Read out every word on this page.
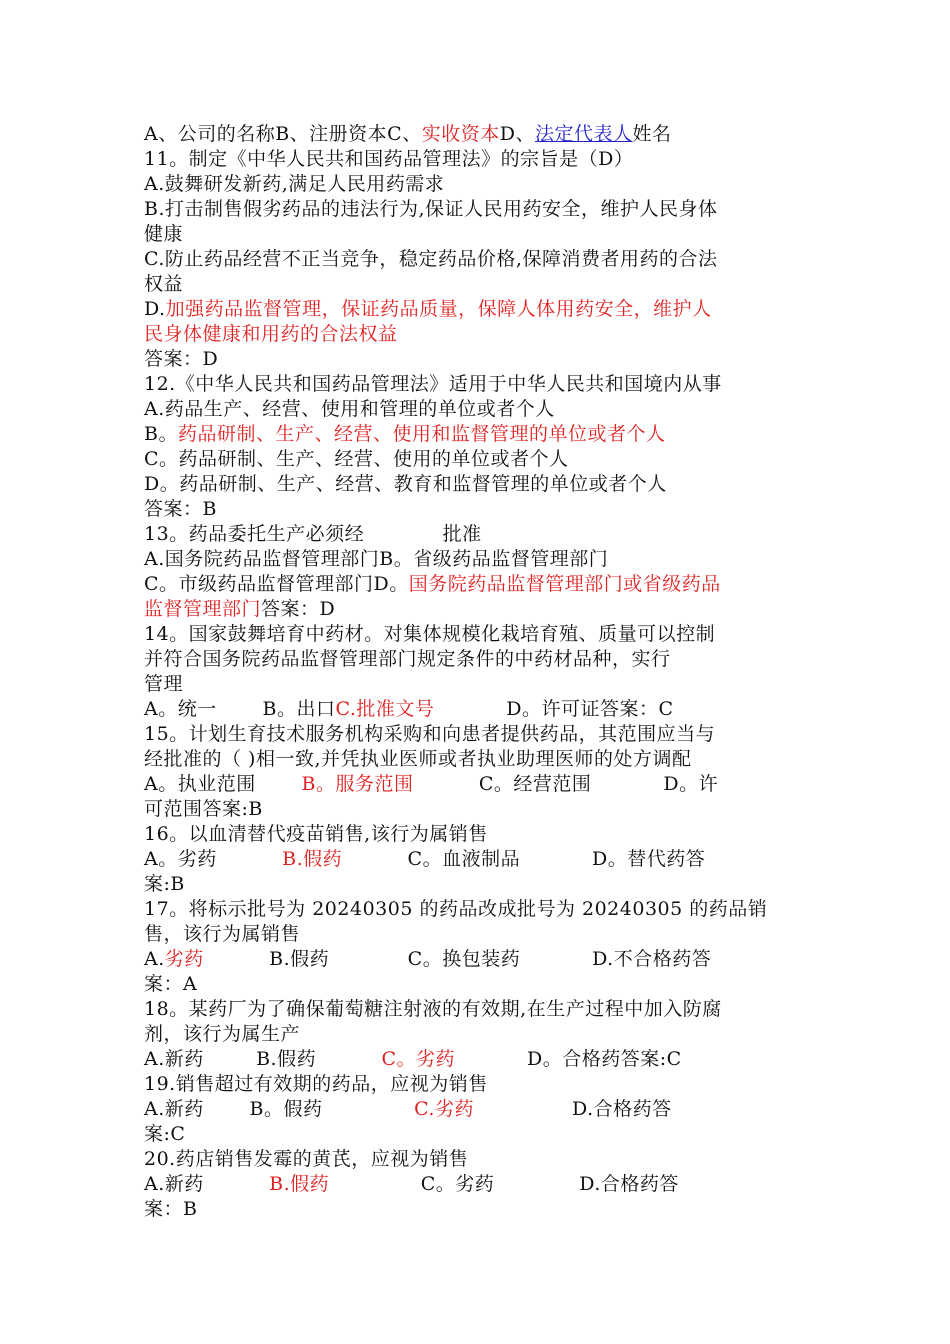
A、公司的名称B、注册资本C、实收资本D、法定代表人姓名
11。制定《中华人民共和国药品管理法》的宗旨是（D）
A.鼓舞研发新药,满足人民用药需求
B.打击制售假劣药品的违法行为,保证人民用药安全，维护人民身体
健康
C.防止药品经营不正当竞争，稳定药品价格,保障消费者用药的合法
权益
D.加强药品监督管理，保证药品质量，保障人体用药安全，维护人
民身体健康和用药的合法权益
答案：D
12.《中华人民共和国药品管理法》适用于中华人民共和国境内从事
A.药品生产、经营、使用和管理的单位或者个人
B。药品研制、生产、经营、使用和监督管理的单位或者个人
C。药品研制、生产、经营、使用的单位或者个人
D。药品研制、生产、经营、教育和监督管理的单位或者个人
答案：B
13。药品委托生产必须经            批准
A.国务院药品监督管理部门B。省级药品监督管理部门
C。市级药品监督管理部门D。国务院药品监督管理部门或省级药品
监督管理部门答案：D
14。国家鼓舞培育中药材。对集体规模化栽培育殖、质量可以控制
并符合国务院药品监督管理部门规定条件的中药材品种，实行
管理
A。统一       B。出口C.批准文号           D。许可证答案：C
15。计划生育技术服务机构采购和向患者提供药品，其范围应当与
经批准的（ )相一致,并凭执业医师或者执业助理医师的处方调配
A。执业范围       B。服务范围          C。经营范围           D。许
可范围答案:B
16。以血清替代疫苗销售,该行为属销售
A。劣药          B.假药          C。血液制品           D。替代药答
案:B
17。将标示批号为 20240305 的药品改成批号为 20240305 的药品销
售，该行为属销售
A.劣药          B.假药            C。换包装药           D.不合格药答
案：A
18。某药厂为了确保葡萄糖注射液的有效期,在生产过程中加入防腐
剂，该行为属生产
A.新药        B.假药          C。劣药           D。合格药答案:C
19.销售超过有效期的药品，应视为销售
A.新药       B。假药              C.劣药               D.合格药答
案:C
20.药店销售发霉的黄芪，应视为销售
A.新药          B.假药              C。劣药             D.合格药答
案：B
